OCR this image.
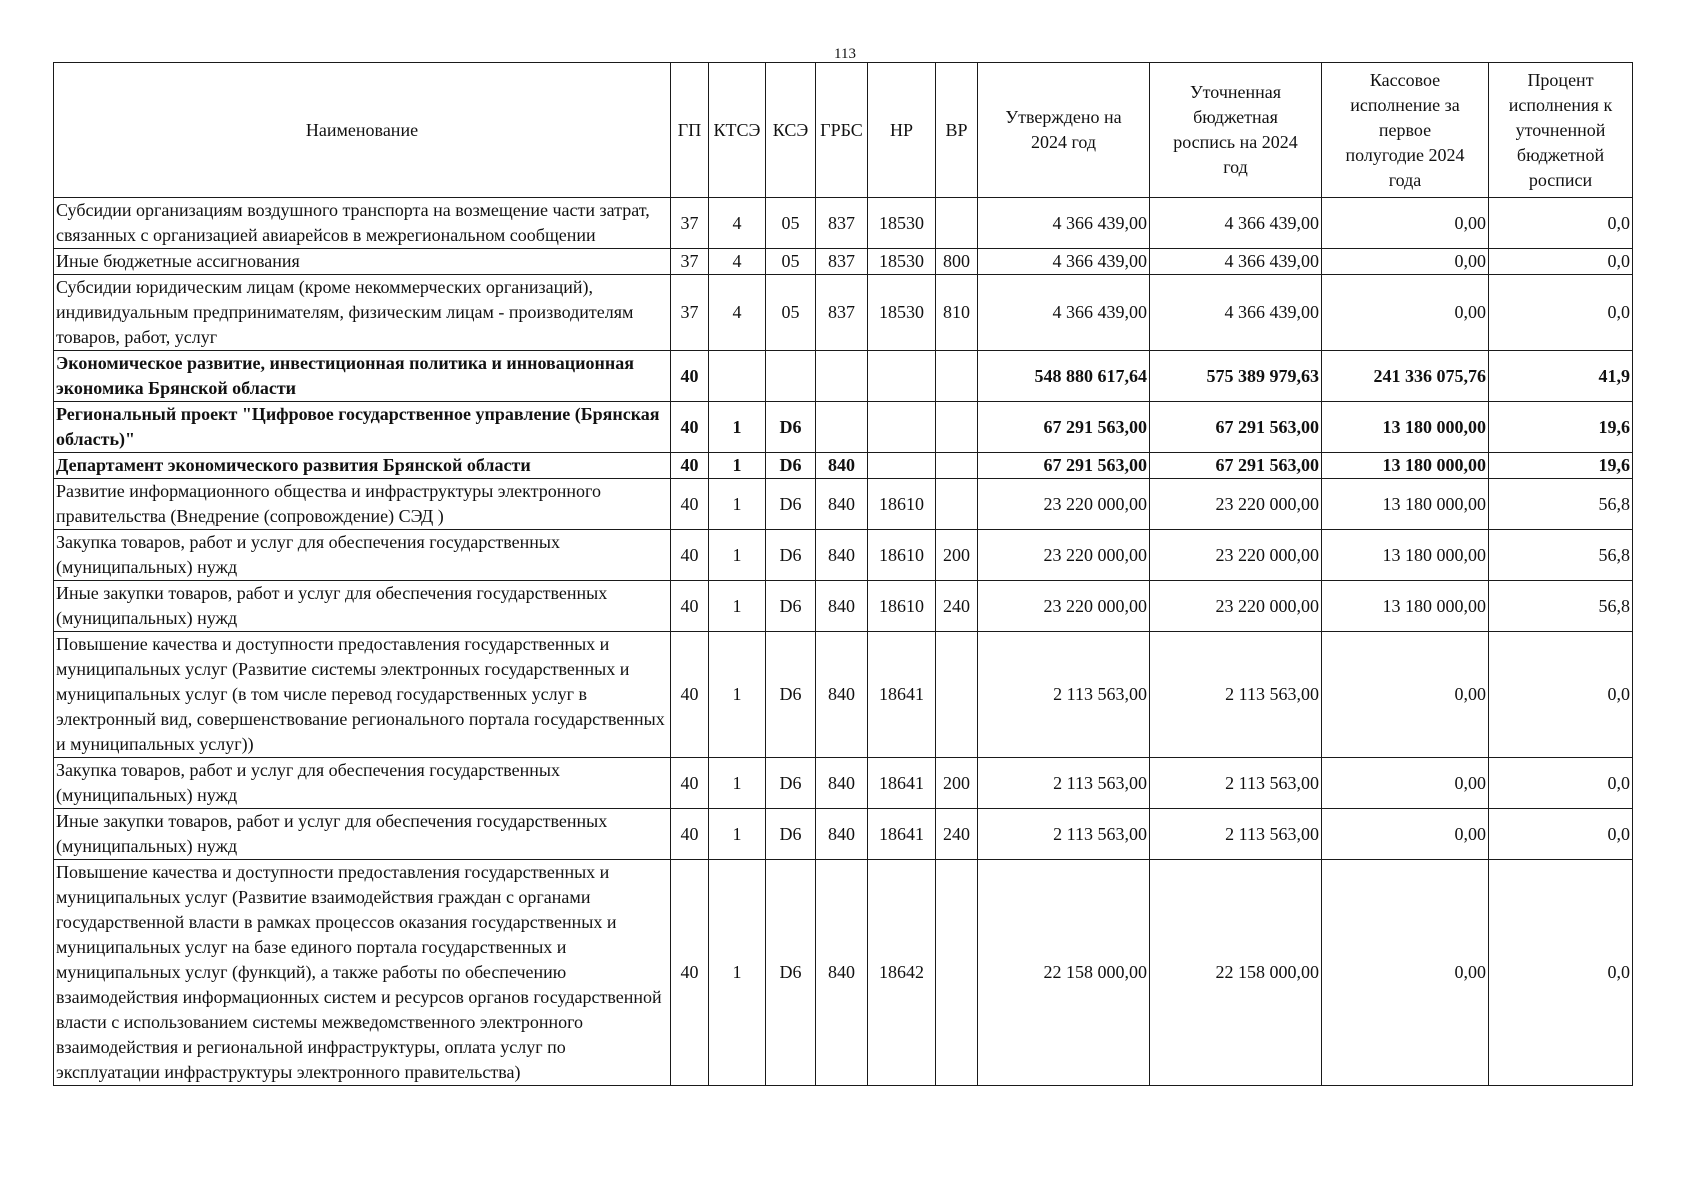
113
Наименование	ГП	КТСЭ	КСЭ	ГРБС	НР	ВР	Утверждено на 2024 год	Уточненная бюджетная роспись на 2024 год	Кассовое исполнение за первое полугодие 2024 года	Процент исполнения к уточненной бюджетной росписи
Субсидии организациям воздушного транспорта на возмещение части затрат, связанных с организацией авиарейсов в межрегиональном сообщении	37	4	05	837	18530		4 366 439,00	4 366 439,00	0,00	0,0
Иные бюджетные ассигнования	37	4	05	837	18530	800	4 366 439,00	4 366 439,00	0,00	0,0
Субсидии юридическим лицам (кроме некоммерческих организаций), индивидуальным предпринимателям, физическим лицам - производителям товаров, работ, услуг	37	4	05	837	18530	810	4 366 439,00	4 366 439,00	0,00	0,0
Экономическое развитие, инвестиционная политика и инновационная экономика Брянской области	40						548 880 617,64	575 389 979,63	241 336 075,76	41,9
Региональный проект "Цифровое государственное управление (Брянская область)"	40	1	D6				67 291 563,00	67 291 563,00	13 180 000,00	19,6
Департамент экономического развития Брянской области	40	1	D6	840			67 291 563,00	67 291 563,00	13 180 000,00	19,6
Развитие информационного общества и инфраструктуры электронного правительства (Внедрение (сопровождение) СЭД )	40	1	D6	840	18610		23 220 000,00	23 220 000,00	13 180 000,00	56,8
Закупка товаров, работ и услуг для обеспечения государственных (муниципальных) нужд	40	1	D6	840	18610	200	23 220 000,00	23 220 000,00	13 180 000,00	56,8
Иные закупки товаров, работ и услуг для обеспечения государственных (муниципальных) нужд	40	1	D6	840	18610	240	23 220 000,00	23 220 000,00	13 180 000,00	56,8
Повышение качества и доступности предоставления государственных и муниципальных услуг (Развитие системы электронных государственных и муниципальных услуг (в том числе перевод государственных услуг в электронный вид, совершенствование регионального портала государственных и муниципальных услуг))	40	1	D6	840	18641		2 113 563,00	2 113 563,00	0,00	0,0
Закупка товаров, работ и услуг для обеспечения государственных (муниципальных) нужд	40	1	D6	840	18641	200	2 113 563,00	2 113 563,00	0,00	0,0
Иные закупки товаров, работ и услуг для обеспечения государственных (муниципальных) нужд	40	1	D6	840	18641	240	2 113 563,00	2 113 563,00	0,00	0,0
Повышение качества и доступности предоставления государственных и муниципальных услуг (Развитие взаимодействия граждан с органами государственной власти в рамках процессов оказания государственных и муниципальных услуг на базе единого портала государственных и муниципальных услуг (функций), а также работы по обеспечению взаимодействия информационных систем и ресурсов органов государственной власти с использованием системы межведомственного электронного взаимодействия и региональной инфраструктуры, оплата услуг по эксплуатации инфраструктуры электронного правительства)	40	1	D6	840	18642		22 158 000,00	22 158 000,00	0,00	0,0
